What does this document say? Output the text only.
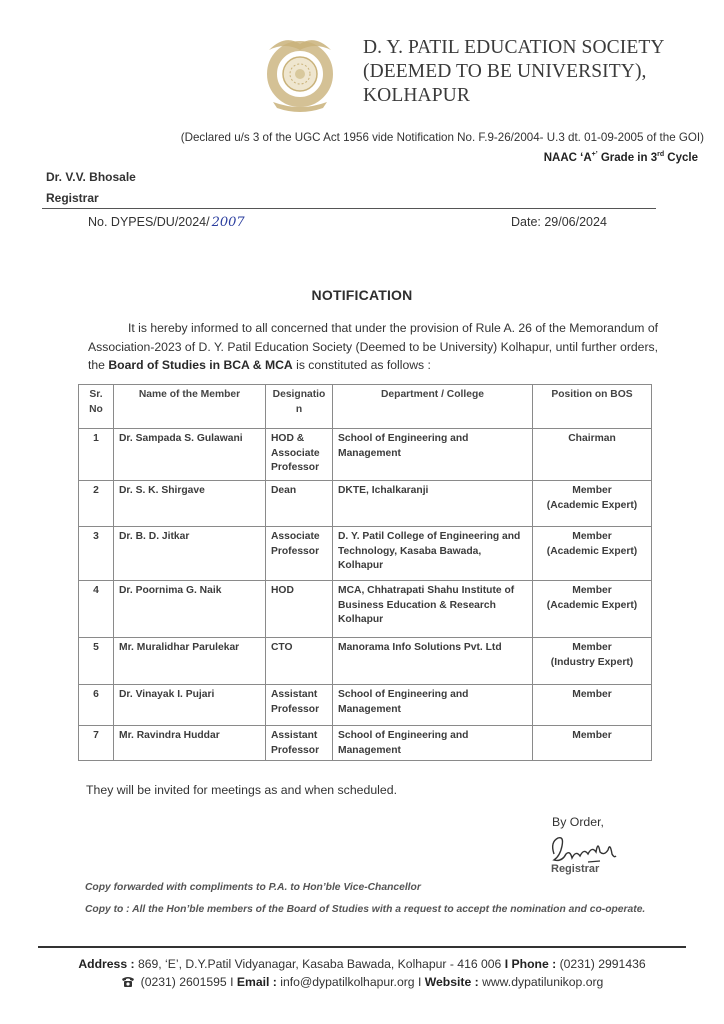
D. Y. PATIL EDUCATION SOCIETY
(DEEMED TO BE UNIVERSITY),
KOLHAPUR
(Declared u/s 3 of the UGC Act 1956 vide Notification No. F.9-26/2004- U.3 dt. 01-09-2005 of the GOI)
NAAC ‘A+’ Grade in 3rd Cycle
Dr. V.V. Bhosale
Registrar
No. DYPES/DU/2024/ 2007	Date: 29/06/2024
NOTIFICATION
It is hereby informed to all concerned that under the provision of Rule A. 26 of the Memorandum of Association-2023 of D. Y. Patil Education Society (Deemed to be University) Kolhapur, until further orders, the Board of Studies in BCA & MCA is constituted as follows :
Sr. No	Name of the Member	Designatio n	Department / College	Position on BOS
1	Dr. Sampada S. Gulawani	HOD & Associate Professor	School of Engineering and Management	Chairman

2	Dr. S. K. Shirgave	Dean	DKTE, Ichalkaranji	Member
(Academic Expert)

3	Dr. B. D. Jitkar	Associate Professor	D. Y. Patil College of Engineering and Technology, Kasaba Bawada, Kolhapur	Member
(Academic Expert)

4	Dr. Poornima G. Naik	HOD	MCA, Chhatrapati Shahu Institute of Business Education & Research Kolhapur	Member
(Academic Expert)

5	Mr. Muralidhar Parulekar	CTO	Manorama Info Solutions Pvt. Ltd	Member
(Industry Expert)

6	Dr. Vinayak I. Pujari	Assistant Professor	School of Engineering and Management	Member

7	Mr. Ravindra Huddar	Assistant Professor	School of Engineering and Management	Member
They will be invited for meetings as and when scheduled.
By Order,
Registrar
Copy forwarded with compliments to P.A. to Hon’ble Vice-Chancellor
Copy to : All the Hon’ble members of the Board of Studies with a request to accept the nomination and co-operate.
Address : 869, ‘E’, D.Y.Patil Vidyanagar, Kasaba Bawada, Kolhapur - 416 006 I Phone : (0231) 2991436
(0231) 2601595 I Email : info@dypatilkolhapur.org I Website : www.dypatilunikop.org
